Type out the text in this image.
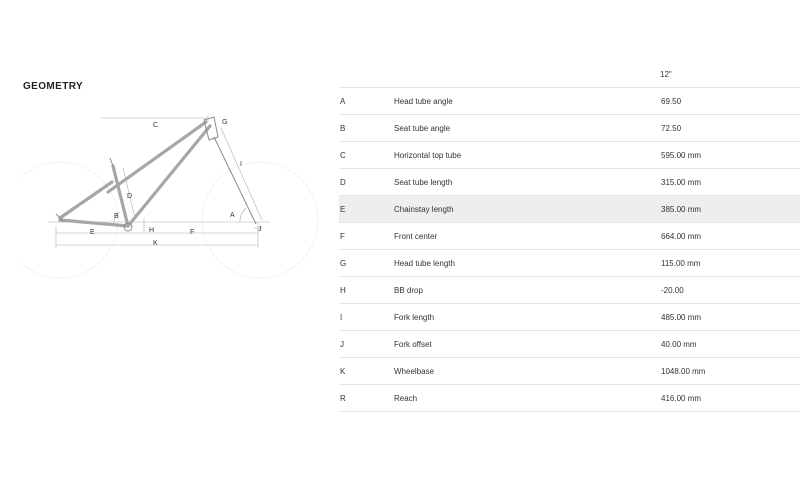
GEOMETRY
C	G
I
D
B	A
H	J
E	F
K
12"
A	Head tube angle	69.50
B	Seat tube angle	72.50
C	Horizontal top tube	595.00 mm
D	Seat tube length	315.00 mm
E	Chainstay length	385.00 mm
F	Front center	664.00 mm
G	Head tube length	115.00 mm
H	BB drop	-20.00
I	Fork length	485.00 mm
J	Fork offset	40.00 mm
K	Wheelbase	1048.00 mm
R	Reach	416.00 mm
